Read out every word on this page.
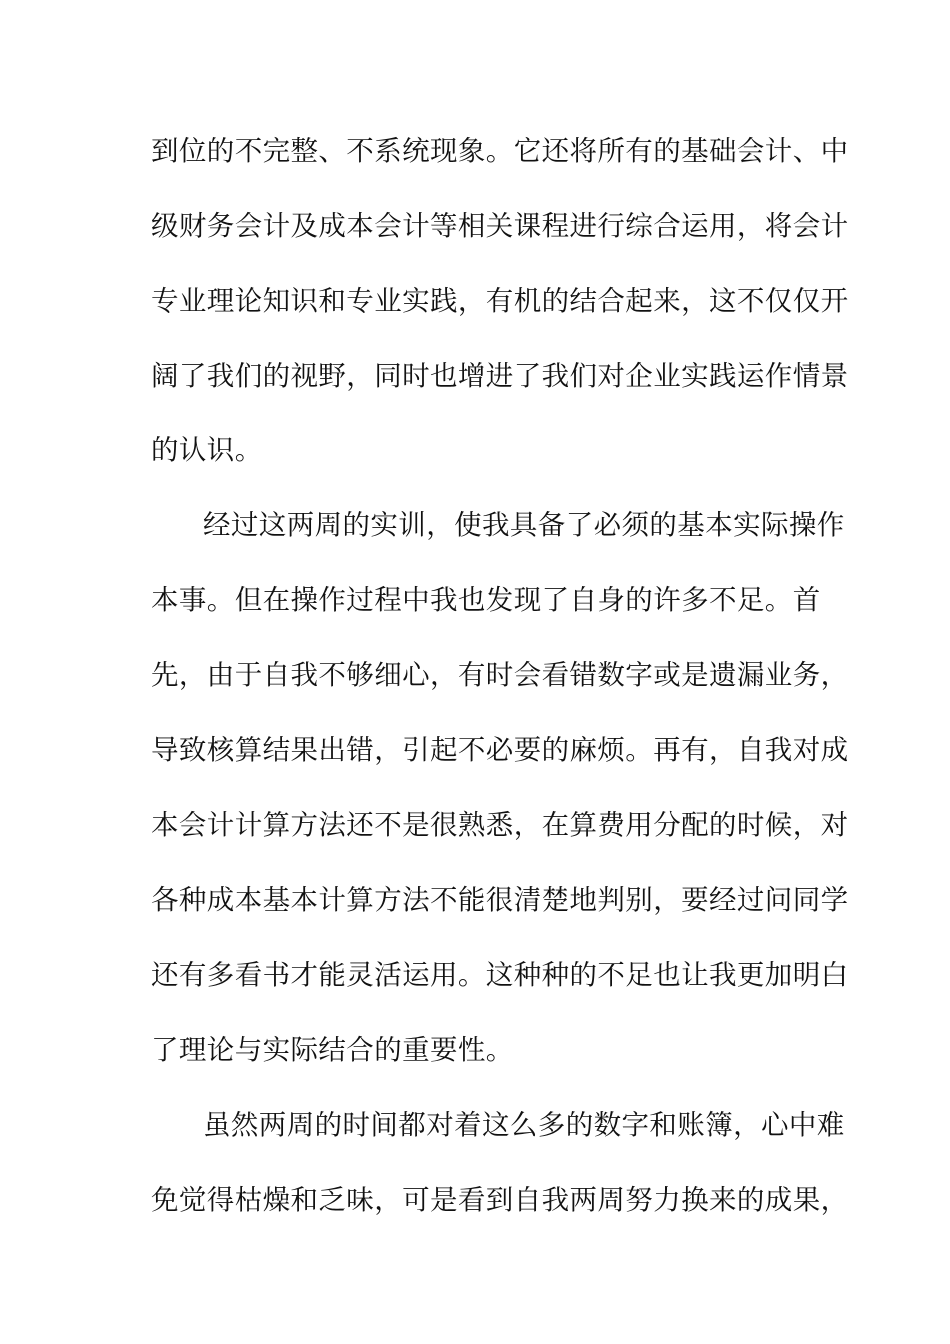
到位的不完整、不系统现象。它还将所有的基础会计、中
级财务会计及成本会计等相关课程进行综合运用，将会计
专业理论知识和专业实践，有机的结合起来，这不仅仅开
阔了我们的视野，同时也增进了我们对企业实践运作情景
的认识。
经过这两周的实训，使我具备了必须的基本实际操作
本事。但在操作过程中我也发现了自身的许多不足。首
先，由于自我不够细心，有时会看错数字或是遗漏业务，
导致核算结果出错，引起不必要的麻烦。再有，自我对成
本会计计算方法还不是很熟悉，在算费用分配的时候，对
各种成本基本计算方法不能很清楚地判别，要经过问同学
还有多看书才能灵活运用。这种种的不足也让我更加明白
了理论与实际结合的重要性。
虽然两周的时间都对着这么多的数字和账簿，心中难
免觉得枯燥和乏味，可是看到自我两周努力换来的成果，
